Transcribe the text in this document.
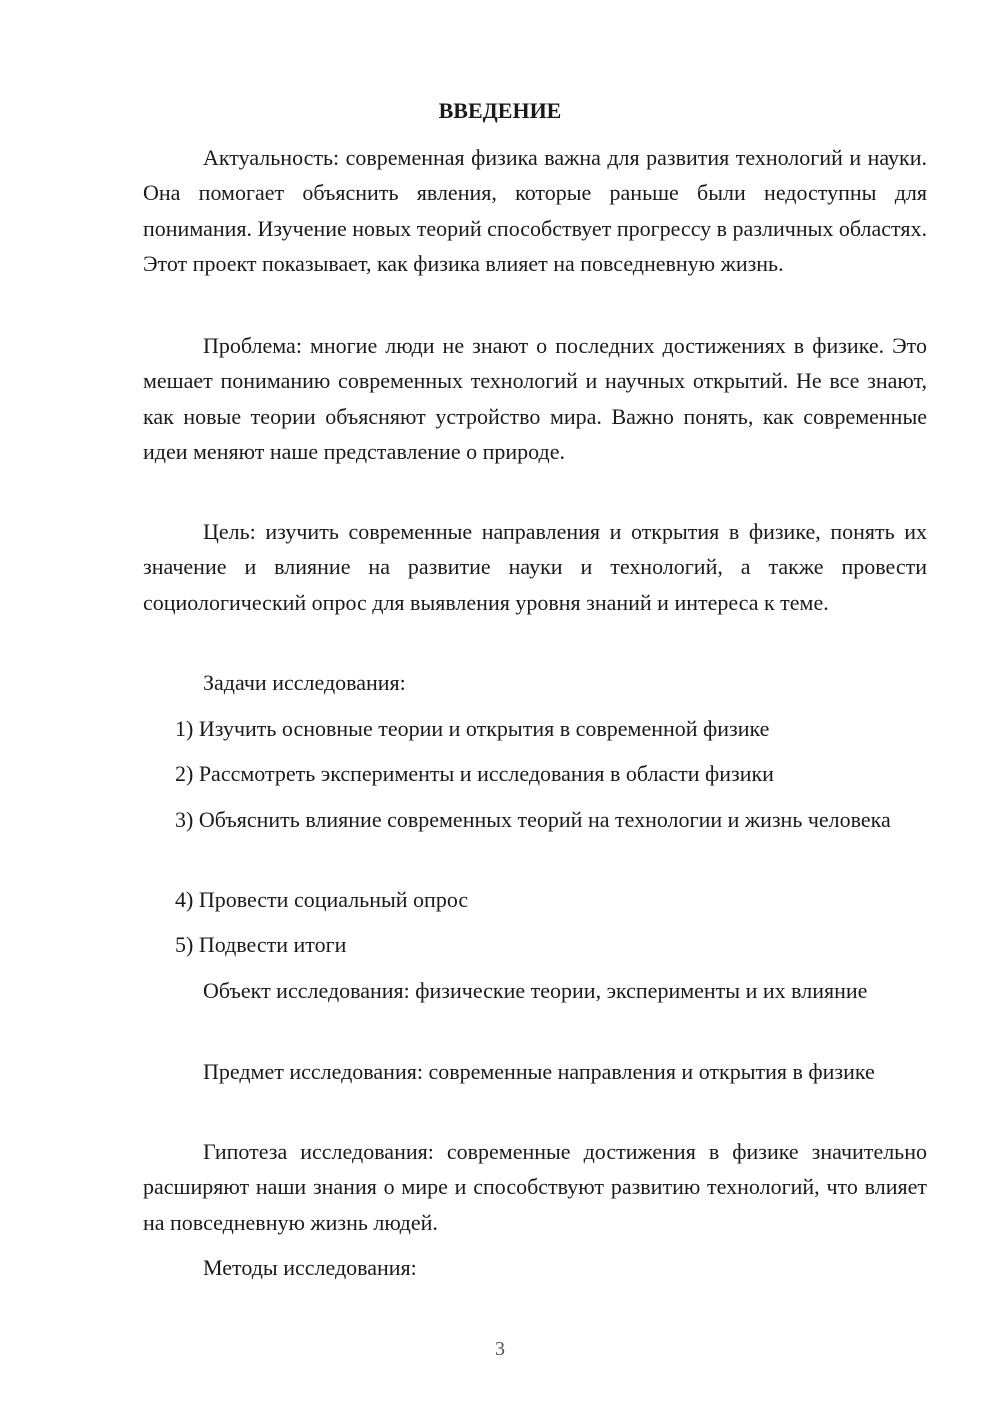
ВВЕДЕНИЕ

Актуальность: современная физика важна для развития технологий и науки. Она помогает объяснить явления, которые раньше были недоступны для понимания. Изучение новых теорий способствует прогрессу в различных областях. Этот проект показывает, как физика влияет на повседневную жизнь.

Проблема: многие люди не знают о последних достижениях в физике. Это мешает пониманию современных технологий и научных открытий. Не все знают, как новые теории объясняют устройство мира. Важно понять, как современные идеи меняют наше представление о природе.

Цель: изучить современные направления и открытия в физике, понять их значение и влияние на развитие науки и технологий, а также провести социологический опрос для выявления уровня знаний и интереса к теме.

Задачи исследования:

1) Изучить основные теории и открытия в современной физике

2) Рассмотреть эксперименты и исследования в области физики

3) Объяснить влияние современных теорий на технологии и жизнь человека

4) Провести социальный опрос

5) Подвести итоги

Объект исследования: физические теории, эксперименты и их влияние

Предмет исследования: современные направления и открытия в физике

Гипотеза исследования: современные достижения в физике значительно расширяют наши знания о мире и способствуют развитию технологий, что влияет на повседневную жизнь людей.

Методы исследования:

3
